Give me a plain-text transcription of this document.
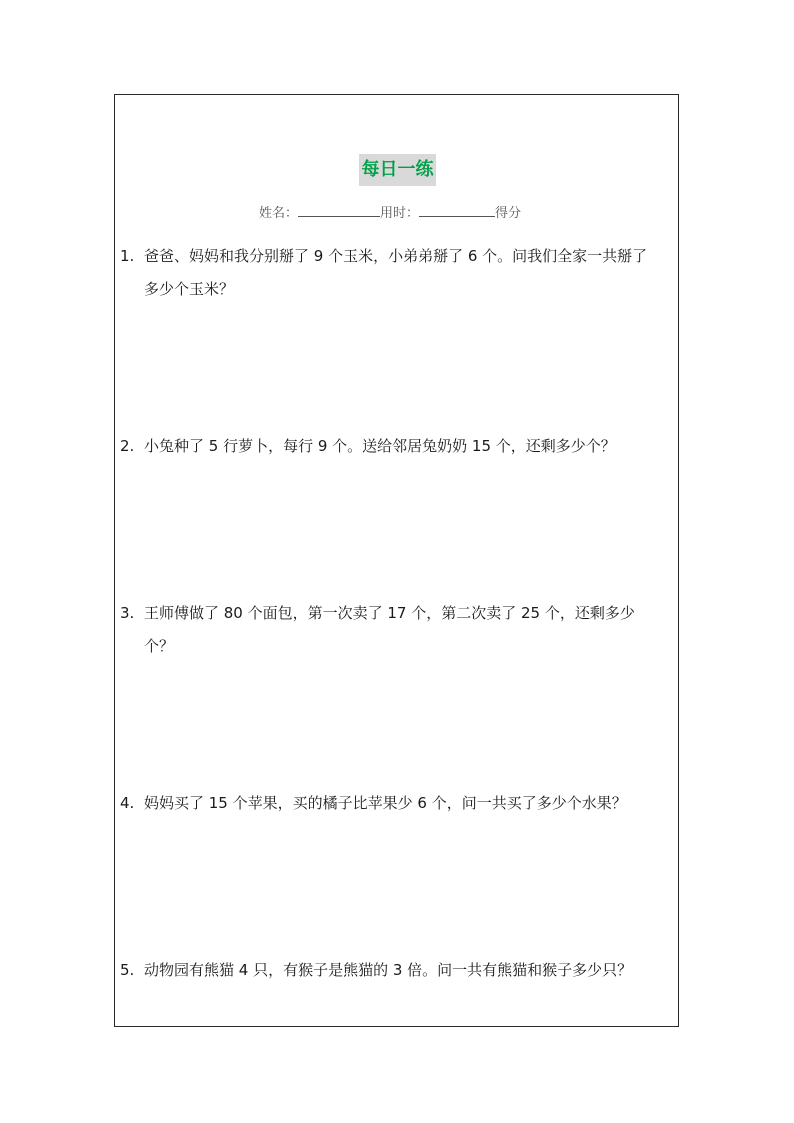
每日一练
姓名：	用时：	得分
1. 爸爸、妈妈和我分别掰了 9 个玉米，小弟弟掰了 6 个。问我们全家一共掰了多少个玉米？
2. 小兔种了 5 行萝卜，每行 9 个。送给邻居兔奶奶 15 个，还剩多少个？
3. 王师傅做了 80 个面包，第一次卖了 17 个，第二次卖了 25 个，还剩多少个？
4. 妈妈买了 15 个苹果，买的橘子比苹果少 6 个，问一共买了多少个水果？
5. 动物园有熊猫 4 只，有猴子是熊猫的 3 倍。问一共有熊猫和猴子多少只？
